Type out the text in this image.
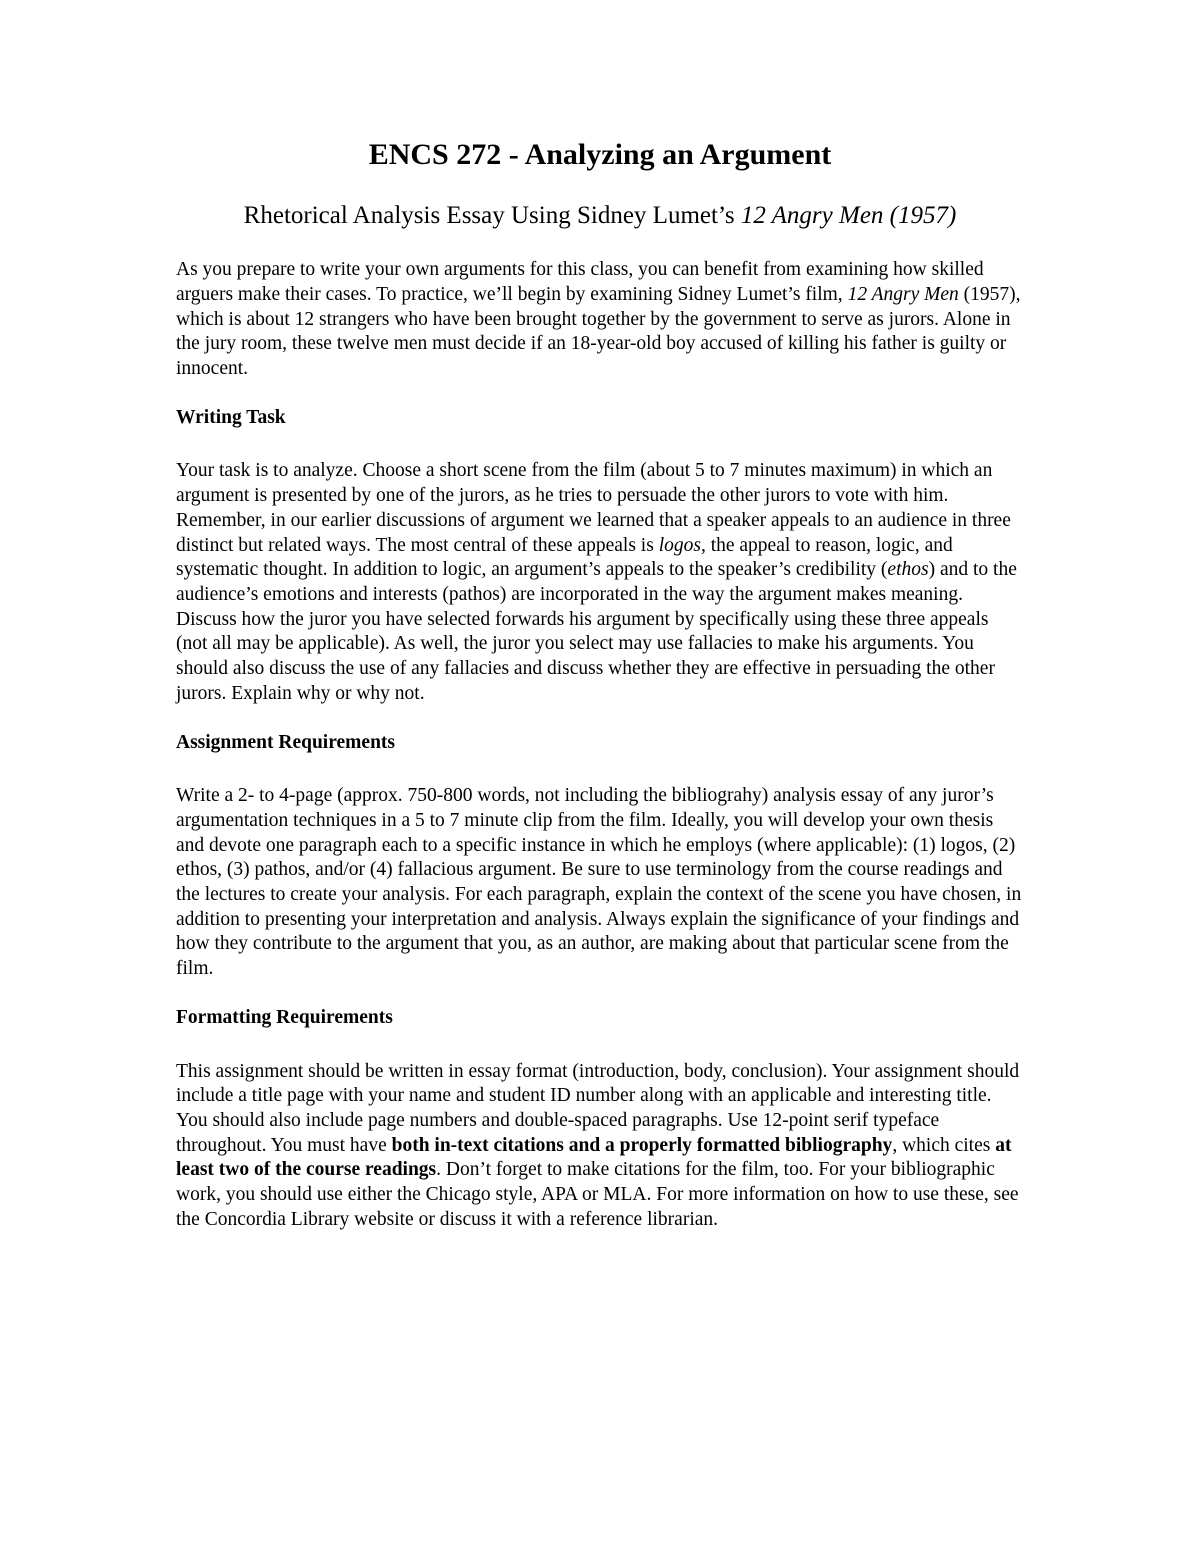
ENCS 272 - Analyzing an Argument
Rhetorical Analysis Essay Using Sidney Lumet’s 12 Angry Men (1957)

As you prepare to write your own arguments for this class, you can benefit from examining how skilled arguers make their cases. To practice, we’ll begin by examining Sidney Lumet’s film, 12 Angry Men (1957), which is about 12 strangers who have been brought together by the government to serve as jurors. Alone in the jury room, these twelve men must decide if an 18-year-old boy accused of killing his father is guilty or innocent.

Writing Task

Your task is to analyze. Choose a short scene from the film (about 5 to 7 minutes maximum) in which an argument is presented by one of the jurors, as he tries to persuade the other jurors to vote with him. Remember, in our earlier discussions of argument we learned that a speaker appeals to an audience in three distinct but related ways. The most central of these appeals is logos, the appeal to reason, logic, and systematic thought. In addition to logic, an argument’s appeals to the speaker’s credibility (ethos) and to the audience’s emotions and interests (pathos) are incorporated in the way the argument makes meaning. Discuss how the juror you have selected forwards his argument by specifically using these three appeals (not all may be applicable). As well, the juror you select may use fallacies to make his arguments. You should also discuss the use of any fallacies and discuss whether they are effective in persuading the other jurors. Explain why or why not.

Assignment Requirements

Write a 2- to 4-page (approx. 750-800 words, not including the bibliograhy) analysis essay of any juror’s argumentation techniques in a 5 to 7 minute clip from the film. Ideally, you will develop your own thesis and devote one paragraph each to a specific instance in which he employs (where applicable): (1) logos, (2) ethos, (3) pathos, and/or (4) fallacious argument. Be sure to use terminology from the course readings and the lectures to create your analysis. For each paragraph, explain the context of the scene you have chosen, in addition to presenting your interpretation and analysis. Always explain the significance of your findings and how they contribute to the argument that you, as an author, are making about that particular scene from the film.

Formatting Requirements

This assignment should be written in essay format (introduction, body, conclusion). Your assignment should include a title page with your name and student ID number along with an applicable and interesting title. You should also include page numbers and double-spaced paragraphs. Use 12-point serif typeface throughout. You must have both in-text citations and a properly formatted bibliography, which cites at least two of the course readings. Don’t forget to make citations for the film, too. For your bibliographic work, you should use either the Chicago style, APA or MLA. For more information on how to use these, see the Concordia Library website or discuss it with a reference librarian.
